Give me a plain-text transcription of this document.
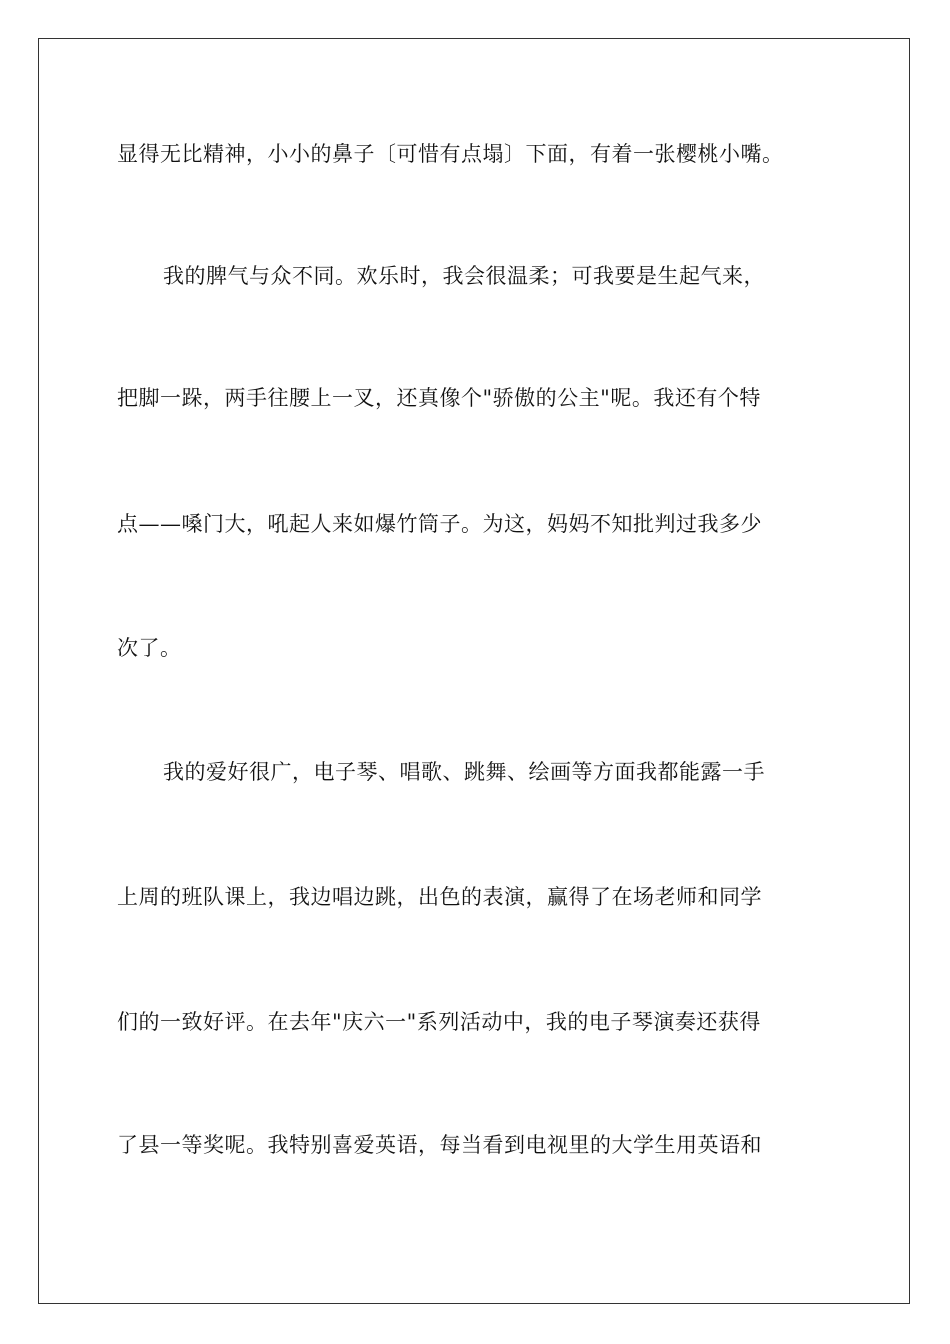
显得无比精神，小小的鼻子〔可惜有点塌〕下面，有着一张樱桃小嘴。
我的脾气与众不同。欢乐时，我会很温柔；可我要是生起气来，
把脚一跺，两手往腰上一叉，还真像个"骄傲的公主"呢。我还有个特
点——嗓门大，吼起人来如爆竹筒子。为这，妈妈不知批判过我多少
次了。
我的爱好很广，电子琴、唱歌、跳舞、绘画等方面我都能露一手
上周的班队课上，我边唱边跳，出色的表演，赢得了在场老师和同学
们的一致好评。在去年"庆六一"系列活动中，我的电子琴演奏还获得
了县一等奖呢。我特别喜爱英语，每当看到电视里的大学生用英语和
